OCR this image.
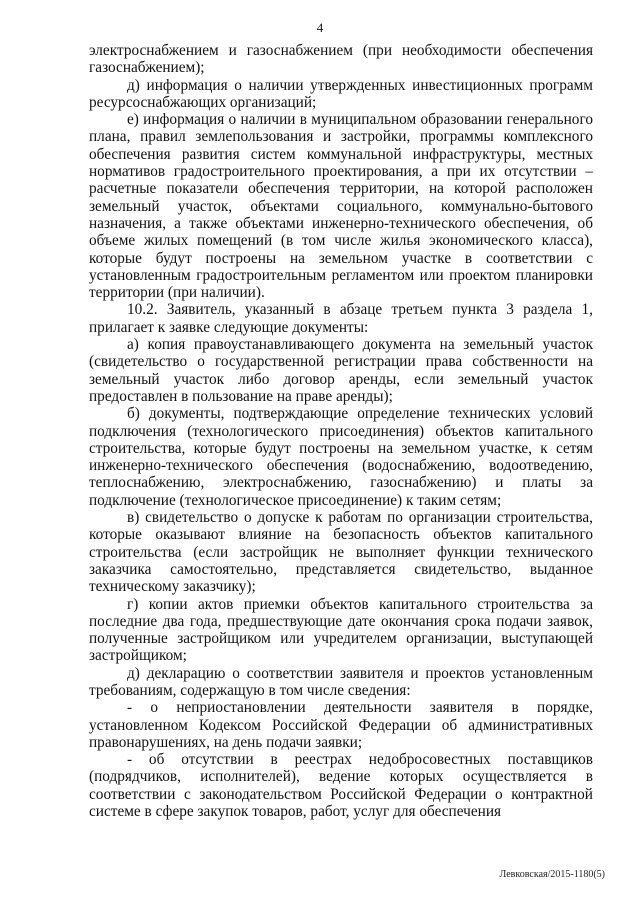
4

электроснабжением и газоснабжением (при необходимости обеспечения газоснабжением);

д) информация о наличии утвержденных инвестиционных программ ресурсоснабжающих организаций;

е) информация о наличии в муниципальном образовании генерального плана, правил землепользования и застройки, программы комплексного обеспечения развития систем коммунальной инфраструктуры, местных нормативов градостроительного проектирования, а при их отсутствии – расчетные показатели обеспечения территории, на которой расположен земельный участок, объектами социального, коммунально-бытового назначения, а также объектами инженерно-технического обеспечения, об объеме жилых помещений (в том числе жилья экономического класса), которые будут построены на земельном участке в соответствии с установленным градостроительным регламентом или проектом планировки территории (при наличии).

10.2. Заявитель, указанный в абзаце третьем пункта 3 раздела 1, прилагает к заявке следующие документы:

а) копия правоустанавливающего документа на земельный участок (свидетельство о государственной регистрации права собственности на земельный участок либо договор аренды, если земельный участок предоставлен в пользование на праве аренды);

б) документы, подтверждающие определение технических условий подключения (технологического присоединения) объектов капитального строительства, которые будут построены на земельном участке, к сетям инженерно-технического обеспечения (водоснабжению, водоотведению, теплоснабжению, электроснабжению, газоснабжению) и платы за подключение (технологическое присоединение) к таким сетям;

в) свидетельство о допуске к работам по организации строительства, которые оказывают влияние на безопасность объектов капитального строительства (если застройщик не выполняет функции технического заказчика самостоятельно, представляется свидетельство, выданное техническому заказчику);

г) копии актов приемки объектов капитального строительства за последние два года, предшествующие дате окончания срока подачи заявок, полученные застройщиком или учредителем организации, выступающей застройщиком;

д) декларацию о соответствии заявителя и проектов установленным требованиям, содержащую в том числе сведения:

- о неприостановлении деятельности заявителя в порядке, установленном Кодексом Российской Федерации об административных правонарушениях, на день подачи заявки;

- об отсутствии в реестрах недобросовестных поставщиков (подрядчиков, исполнителей), ведение которых осуществляется в соответствии с законодательством Российской Федерации о контрактной системе в сфере закупок товаров, работ, услуг для обеспечения

Левковская/2015-1180(5)
